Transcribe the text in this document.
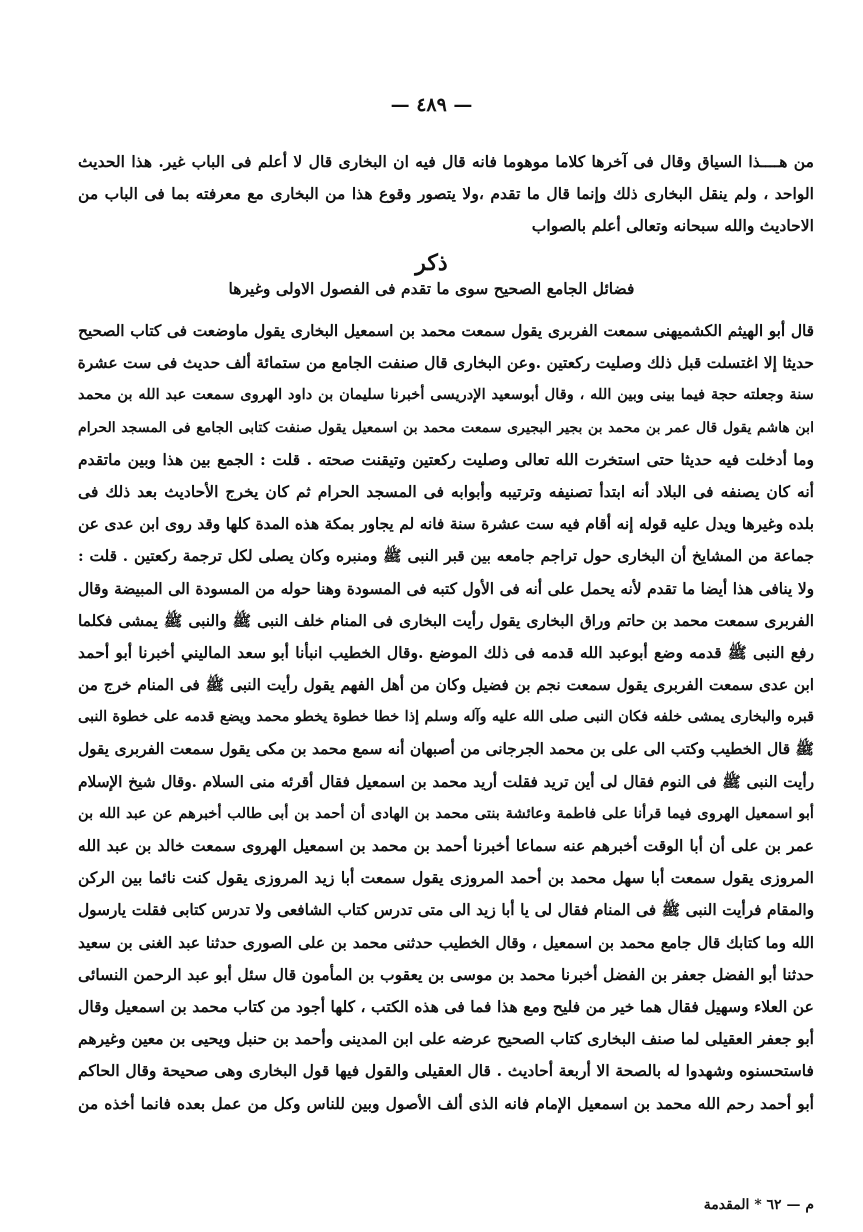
— ٤٨٩ —
من هــــذا السياق وقال فى آخرها كلاما موهوما فانه قال فيه ان البخارى قال لا أعلم فى الباب غير. هذا الحديث
الواحد ، ولم ينقل البخارى ذلك وإنما قال ما تقدم ،ولا يتصور وقوع هذا من البخارى مع معرفته بما فى الباب من
الاحاديث والله سبحانه وتعالى أعلم بالصواب
ذكر
فضائل الجامع الصحيح سوى ما تقدم فى الفصول الاولى وغيرها
قال أبو الهيثم الكشميهنى سمعت الفربرى يقول سمعت محمد بن اسمعيل البخارى يقول ماوضعت فى كتاب الصحيح
حديثا إلا اغتسلت قبل ذلك وصليت ركعتين .وعن البخارى قال صنفت الجامع من ستمائة ألف حديث فى ست عشرة
سنة وجعلته حجة فيما بينى وبين الله ، وقال أبوسعيد الإدريسى أخبرنا سليمان بن داود الهروى سمعت عبد الله بن محمد
ابن هاشم يقول قال عمر بن محمد بن بجير البجيرى سمعت محمد بن اسمعيل يقول صنفت كتابى الجامع فى المسجد الحرام
وما أدخلت فيه حديثا حتى استخرت الله تعالى وصليت ركعتين وتيقنت صحته . قلت : الجمع بين هذا وبين ماتقدم
أنه كان يصنفه فى البلاد أنه ابتدأ تصنيفه وترتيبه وأبوابه فى المسجد الحرام ثم كان يخرج الأحاديث بعد ذلك فى
بلده وغيرها ويدل عليه قوله إنه أقام فيه ست عشرة سنة فانه لم يجاور بمكة هذه المدة كلها وقد روى ابن عدى عن
جماعة من المشايخ أن البخارى حول تراجم جامعه بين قبر النبى ﷺ ومنبره وكان يصلى لكل ترجمة ركعتين . قلت :
ولا ينافى هذا أيضا ما تقدم لأنه يحمل على أنه فى الأول كتبه فى المسودة وهنا حوله من المسودة الى المبيضة وقال
الفربرى سمعت محمد بن حاتم وراق البخارى يقول رأيت البخارى فى المنام خلف النبى ﷺ والنبى ﷺ يمشى فكلما
رفع النبى ﷺ قدمه وضع أبوعبد الله قدمه فى ذلك الموضع .وقال الخطيب انبأنا أبو سعد الماليني أخبرنا أبو أحمد
ابن عدى سمعت الفربرى يقول سمعت نجم بن فضيل وكان من أهل الفهم يقول رأيت النبى ﷺ فى المنام خرج من
قبره والبخارى يمشى خلفه فكان النبى صلى الله عليه وآله وسلم إذا خطا خطوة يخطو محمد ويضع قدمه على خطوة النبى
ﷺ قال الخطيب وكتب الى على بن محمد الجرجانى من أصبهان أنه سمع محمد بن مكى يقول سمعت الفربرى يقول
رأيت النبى ﷺ فى النوم فقال لى أين تريد فقلت أريد محمد بن اسمعيل فقال أقرئه منى السلام .وقال شيخ الإسلام
أبو اسمعيل الهروى فيما قرأنا على فاطمة وعائشة بنتى محمد بن الهادى أن أحمد بن أبى طالب أخبرهم عن عبد الله بن
عمر بن على أن أبا الوقت أخبرهم عنه سماعا أخبرنا أحمد بن محمد بن اسمعيل الهروى سمعت خالد بن عبد الله
المروزى يقول سمعت أبا سهل محمد بن أحمد المروزى يقول سمعت أبا زيد المروزى يقول كنت نائما بين الركن
والمقام فرأيت النبى ﷺ فى المنام فقال لى يا أبا زيد الى متى تدرس كتاب الشافعى ولا تدرس كتابى فقلت يارسول
الله وما كتابك قال جامع محمد بن اسمعيل ، وقال الخطيب حدثنى محمد بن على الصورى حدثنا عبد الغنى بن سعيد
حدثنا أبو الفضل جعفر بن الفضل أخبرنا محمد بن موسى بن يعقوب بن المأمون قال سئل أبو عبد الرحمن النسائى
عن العلاء وسهيل فقال هما خير من فليح ومع هذا فما فى هذه الكتب ، كلها أجود من كتاب محمد بن اسمعيل وقال
أبو جعفر العقيلى لما صنف البخارى كتاب الصحيح عرضه على ابن المدينى وأحمد بن حنبل ويحيى بن معين وغيرهم
فاستحسنوه وشهدوا له بالصحة الا أربعة أحاديث . قال العقيلى والقول فيها قول البخارى وهى صحيحة وقال الحاكم
أبو أحمد رحم الله محمد بن اسمعيل الإمام فانه الذى ألف الأصول وبين للناس وكل من عمل بعده فانما أخذه من
م — ٦٢ * المقدمة
